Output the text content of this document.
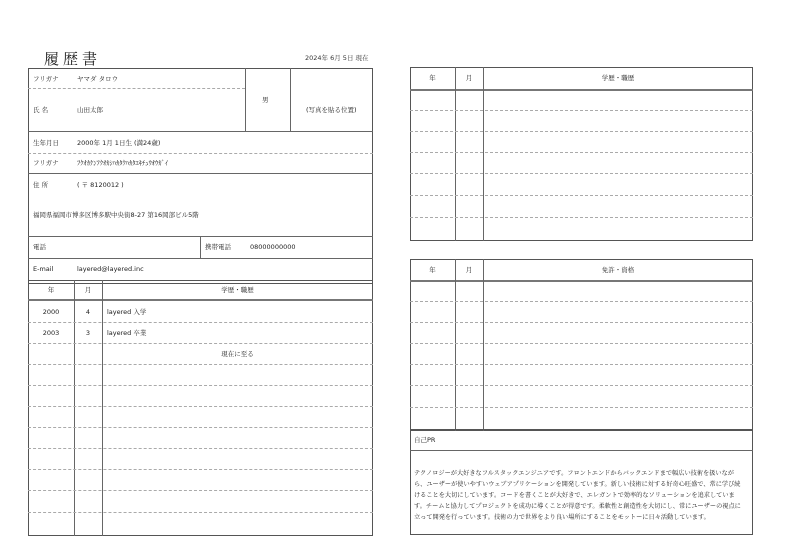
履歴書	2024年 6月 5日 現在
フリガナ	ヤマダ タロウ
氏 名	山田太郎
男
(写真を貼る位置)
生年月日	2000年 1月 1日生 (満24歳)
フリガナ	ﾌｸｵｶｹﾝﾌｸｵｶｼﾊｶﾀｸﾊｶﾀｴｷﾁｭｳｵｳｶﾞｲ
住 所	( 〒 8120012 )
福岡県福岡市博多区博多駅中央街8-27 第16岡部ビル5階
電話	携帯電話	08000000000
E-mail	layered@layered.inc
年	月	学歴・職歴
2000	4	layered 入学
2003	3	layered 卒業
現在に至る
年	月	学歴・職歴
年	月	免許・資格
自己PR
テクノロジーが大好きなフルスタックエンジニアです。フロントエンドからバックエンドまで幅広い技術を扱いなが
ら、ユーザーが使いやすいウェブアプリケーションを開発しています。新しい技術に対する好奇心旺盛で、常に学び続
けることを大切にしています。コードを書くことが大好きで、エレガントで効率的なソリューションを追求していま
す。チームと協力してプロジェクトを成功に導くことが得意です。柔軟性と創造性を大切にし、常にユーザーの視点に
立って開発を行っています。技術の力で世界をより良い場所にすることをモットーに日々活動しています。
